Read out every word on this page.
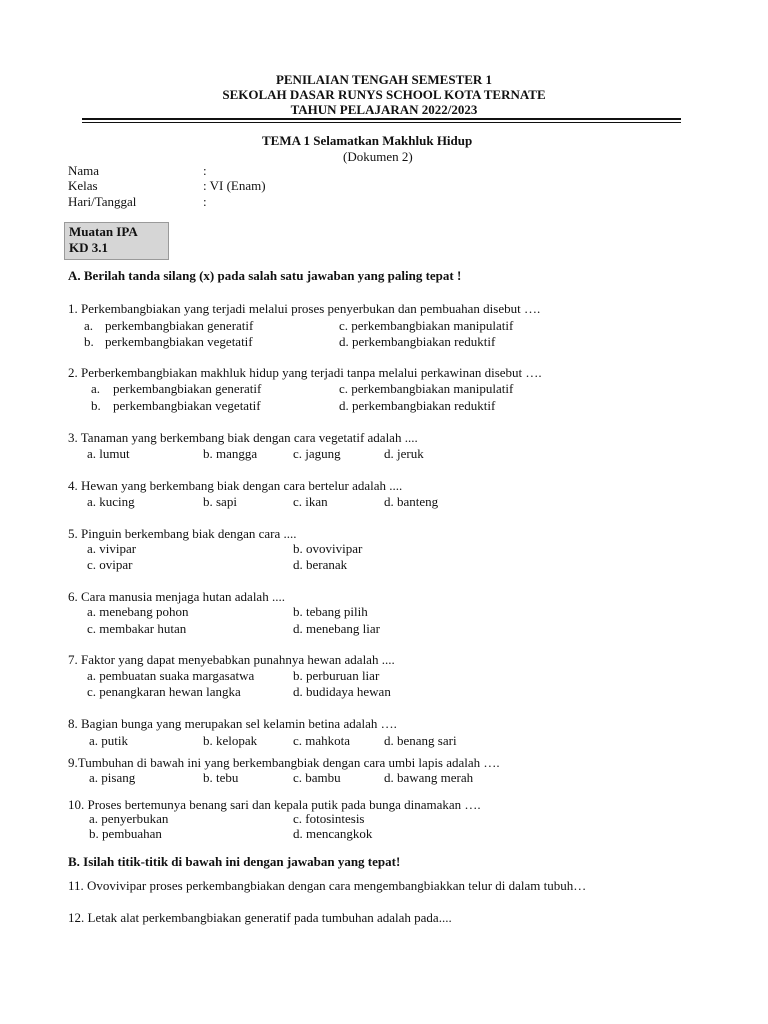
PENILAIAN TENGAH SEMESTER 1
SEKOLAH DASAR RUNYS SCHOOL KOTA TERNATE
TAHUN PELAJARAN 2022/2023
TEMA 1 Selamatkan Makhluk Hidup
(Dokumen 2)
Nama	:
Kelas	: VI (Enam)
Hari/Tanggal	:
Muatan IPA
KD 3.1
A. Berilah tanda silang (x) pada salah satu jawaban yang paling tepat !
1. Perkembangbiakan yang terjadi melalui proses penyerbukan dan pembuahan disebut ….
a. perkembangbiakan generatif	c. perkembangbiakan manipulatif
b. perkembangbiakan vegetatif	d. perkembangbiakan reduktif
2. Perberkembangbiakan makhluk hidup yang terjadi tanpa melalui perkawinan disebut ….
a. perkembangbiakan generatif	c. perkembangbiakan manipulatif
b. perkembangbiakan vegetatif	d. perkembangbiakan reduktif
3. Tanaman yang berkembang biak dengan cara vegetatif adalah ....
a. lumut	b. mangga	c. jagung	d. jeruk
4. Hewan yang berkembang biak dengan cara bertelur adalah ....
a. kucing	b. sapi	c. ikan	d. banteng
5. Pinguin berkembang biak dengan cara ....
a. vivipar	b. ovovivipar
c. ovipar	d. beranak
6. Cara manusia menjaga hutan adalah ....
a. menebang pohon	b. tebang pilih
c. membakar hutan	d. menebang liar
7. Faktor yang dapat menyebabkan punahnya hewan adalah ....
a. pembuatan suaka margasatwa	b. perburuan liar
c. penangkaran hewan langka	d. budidaya hewan
8. Bagian bunga yang merupakan sel kelamin betina adalah ….
a. putik	b. kelopak	c. mahkota	d. benang sari
9.Tumbuhan di bawah ini yang berkembangbiak dengan cara umbi lapis adalah ….
a. pisang	b. tebu	c. bambu	d. bawang merah
10. Proses bertemunya benang sari dan kepala putik pada bunga dinamakan ….
a. penyerbukan	c. fotosintesis
b. pembuahan	d. mencangkok
B. Isilah titik-titik di bawah ini dengan jawaban yang tepat!
11. Ovovivipar proses perkembangbiakan dengan cara mengembangbiakkan telur di dalam tubuh…
12. Letak alat perkembangbiakan generatif pada tumbuhan adalah pada....
